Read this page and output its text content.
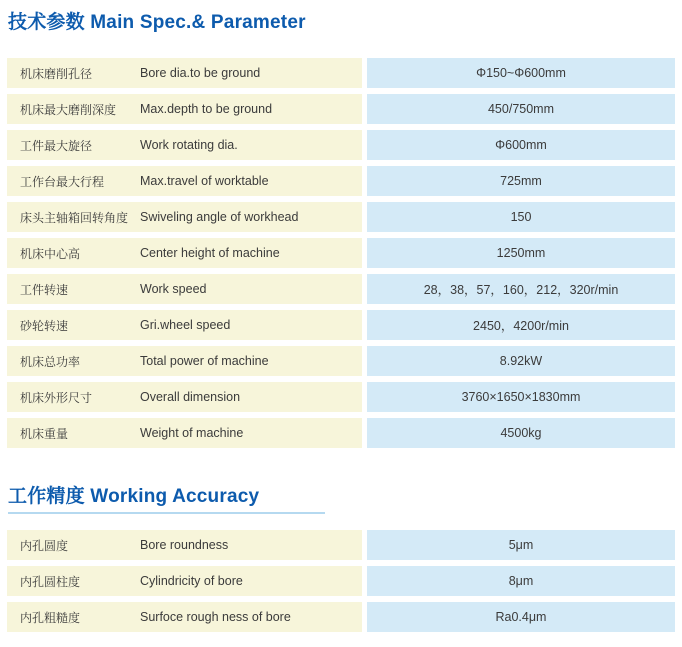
技术参数 Main Spec.& Parameter
机床磨削孔径	Bore dia.to be ground	Φ150~Φ600mm
机床最大磨削深度	Max.depth to be ground	450/750mm
工件最大旋径	Work rotating dia.	Φ600mm
工作台最大行程	Max.travel of worktable	725mm
床头主轴箱回转角度 Swiveling angle of workhead	150
机床中心高	Center height of machine	1250mm
工件转速	Work speed	28，38，57，160，212，320r/min
砂轮转速	Gri.wheel speed	2450，4200r/min
机床总功率	Total power of machine	8.92kW
机床外形尺寸	Overall dimension	3760×1650×1830mm
机床重量	Weight of machine	4500kg
工作精度 Working Accuracy
内孔圆度	Bore roundness	5μm
内孔圆柱度	Cylindricity of bore	8μm
内孔粗糙度	Surfoce rough ness of bore	Ra0.4μm
